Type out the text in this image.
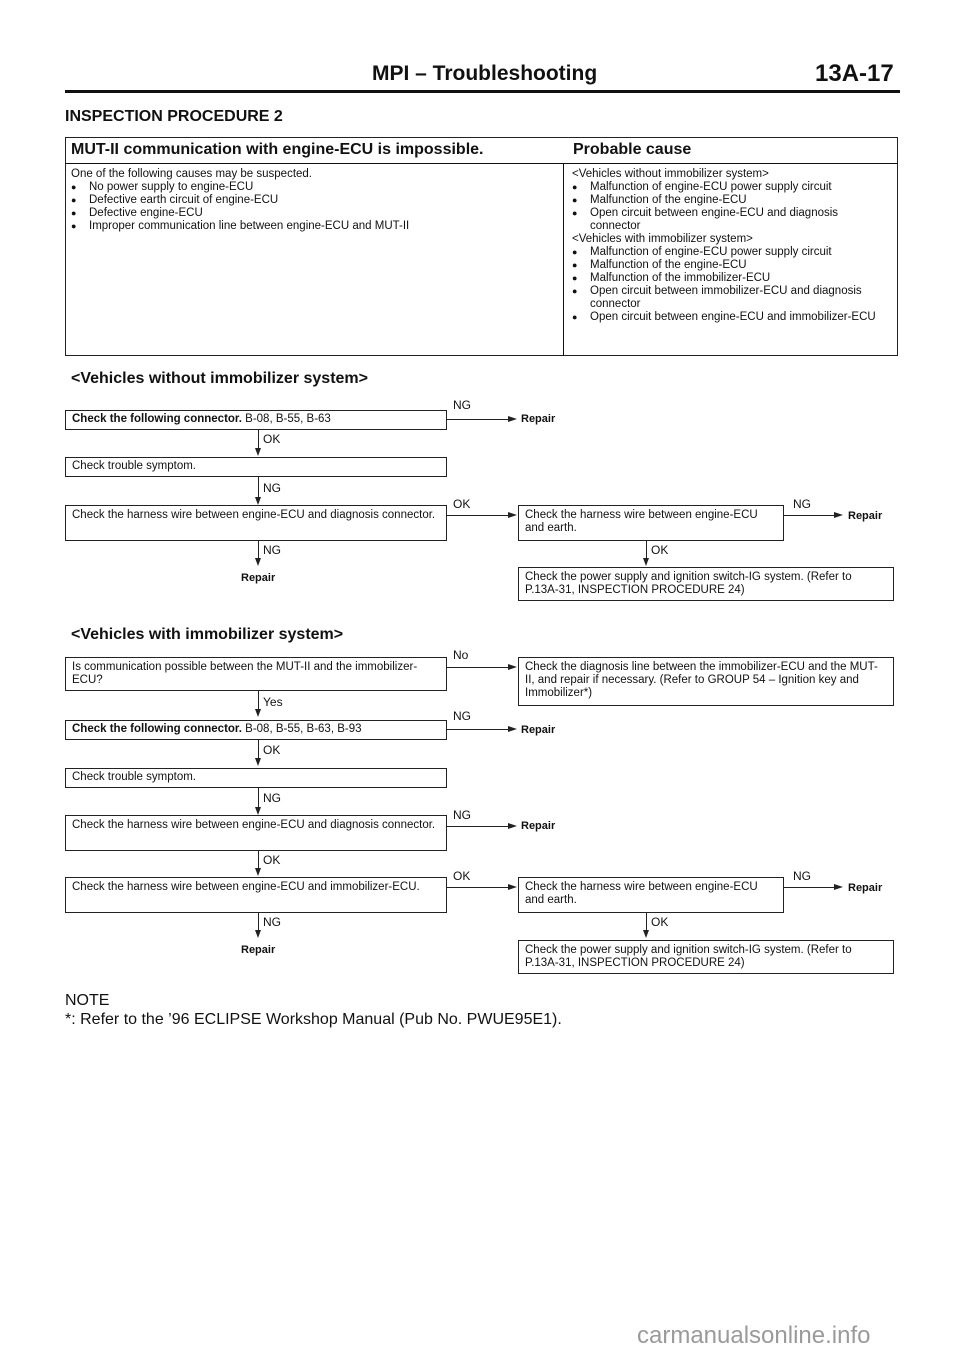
MPI – Troubleshooting	13A-17
INSPECTION PROCEDURE 2
MUT-II communication with engine-ECU is impossible.	Probable cause
One of the following causes may be suspected.
● No power supply to engine-ECU
● Defective earth circuit of engine-ECU
● Defective engine-ECU
● Improper communication line between engine-ECU and MUT-II
<Vehicles without immobilizer system>
● Malfunction of engine-ECU power supply circuit
● Malfunction of the engine-ECU
● Open circuit between engine-ECU and diagnosis connector
<Vehicles with immobilizer system>
● Malfunction of engine-ECU power supply circuit
● Malfunction of the engine-ECU
● Malfunction of the immobilizer-ECU
● Open circuit between immobilizer-ECU and diagnosis connector
● Open circuit between engine-ECU and immobilizer-ECU
<Vehicles without immobilizer system>
Check the following connector. B-08, B-55, B-63
NG
Repair
OK
Check trouble symptom.
NG
Check the harness wire between engine-ECU and diagnosis connector.
OK
Check the harness wire between engine-ECU and earth.
NG
Repair
NG
Repair
OK
Check the power supply and ignition switch-IG system. (Refer to P.13A-31, INSPECTION PROCEDURE 24)
<Vehicles with immobilizer system>
Is communication possible between the MUT-II and the immobilizer-ECU?
No
Check the diagnosis line between the immobilizer-ECU and the MUT-II, and repair if necessary. (Refer to GROUP 54 – Ignition key and Immobilizer*)
Yes
Check the following connector. B-08, B-55, B-63, B-93
NG
Repair
OK
Check trouble symptom.
NG
Check the harness wire between engine-ECU and diagnosis connector.
NG
Repair
OK
Check the harness wire between engine-ECU and immobilizer-ECU.
OK
Check the harness wire between engine-ECU and earth.
NG
Repair
NG
Repair
OK
Check the power supply and ignition switch-IG system. (Refer to P.13A-31, INSPECTION PROCEDURE 24)
NOTE
*: Refer to the ’96 ECLIPSE Workshop Manual (Pub No. PWUE95E1).
carmanualsonline.info
